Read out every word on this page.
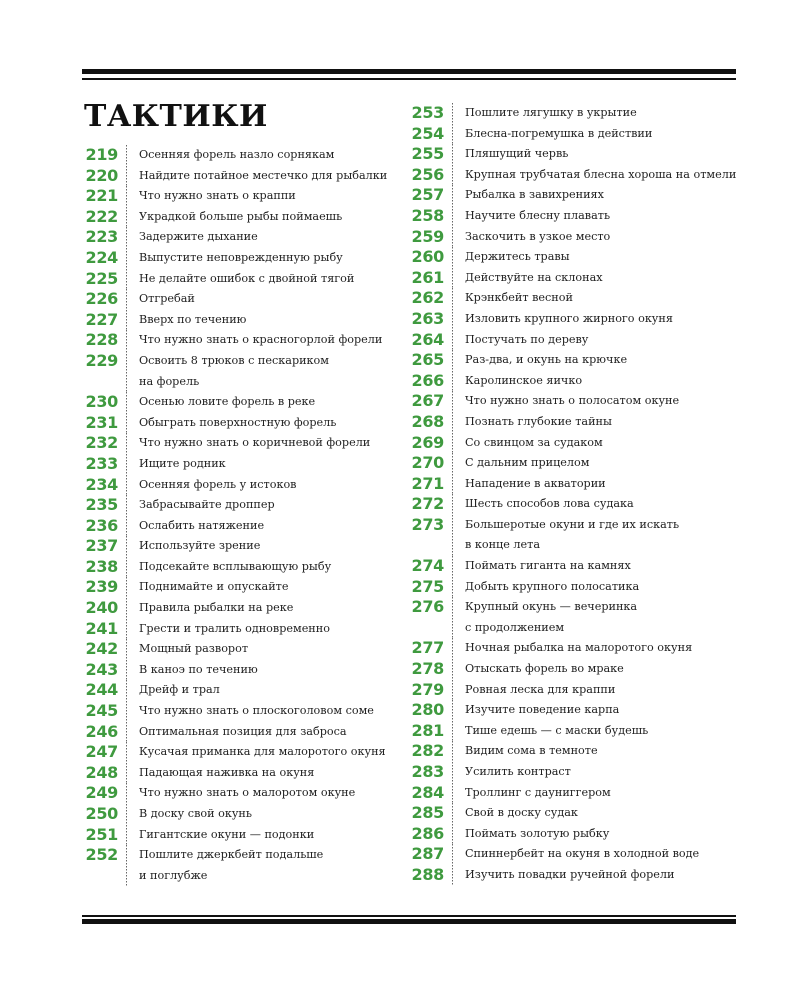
ТАКТИКИ
219 Осенняя форель назло сорнякам
220 Найдите потайное местечко для рыбалки
221 Что нужно знать о краппи
222 Украдкой больше рыбы поймаешь
223 Задержите дыхание
224 Выпустите неповрежденную рыбу
225 Не делайте ошибок с двойной тягой
226 Отгребай
227 Вверх по течению
228 Что нужно знать о красногорлой форели
229 Освоить 8 трюков с пескариком
на форель
230 Осенью ловите форель в реке
231 Обыграть поверхностную форель
232 Что нужно знать о коричневой форели
233 Ищите родник
234 Осенняя форель у истоков
235 Забрасывайте дроппер
236 Ослабить натяжение
237 Используйте зрение
238 Подсекайте всплывающую рыбу
239 Поднимайте и опускайте
240 Правила рыбалки на реке
241 Грести и тралить одновременно
242 Мощный разворот
243 В каноэ по течению
244 Дрейф и трал
245 Что нужно знать о плоскоголовом соме
246 Оптимальная позиция для заброса
247 Кусачая приманка для малоротого окуня
248 Падающая наживка на окуня
249 Что нужно знать о малоротом окуне
250 В доску свой окунь
251 Гигантские окуни — подонки
252 Пошлите джеркбейт подальше
и поглубже
253 Пошлите лягушку в укрытие
254 Блесна-погремушка в действии
255 Пляшущий червь
256 Крупная трубчатая блесна хороша на отмели
257 Рыбалка в завихрениях
258 Научите блесну плавать
259 Заскочить в узкое место
260 Держитесь травы
261 Действуйте на склонах
262 Крэнкбейт весной
263 Изловить крупного жирного окуня
264 Постучать по дереву
265 Раз-два, и окунь на крючке
266 Каролинское яичко
267 Что нужно знать о полосатом окуне
268 Познать глубокие тайны
269 Со свинцом за судаком
270 С дальним прицелом
271 Нападение в акватории
272 Шесть способов лова судака
273 Большеротые окуни и где их искать
в конце лета
274 Поймать гиганта на камнях
275 Добыть крупного полосатика
276 Крупный окунь — вечеринка
с продолжением
277 Ночная рыбалка на малоротого окуня
278 Отыскать форель во мраке
279 Ровная леска для краппи
280 Изучите поведение карпа
281 Тише едешь — с маски будешь
282 Видим сома в темноте
283 Усилить контраст
284 Троллинг с дауниггером
285 Свой в доску судак
286 Поймать золотую рыбку
287 Спиннербейт на окуня в холодной воде
288 Изучить повадки ручейной форели
